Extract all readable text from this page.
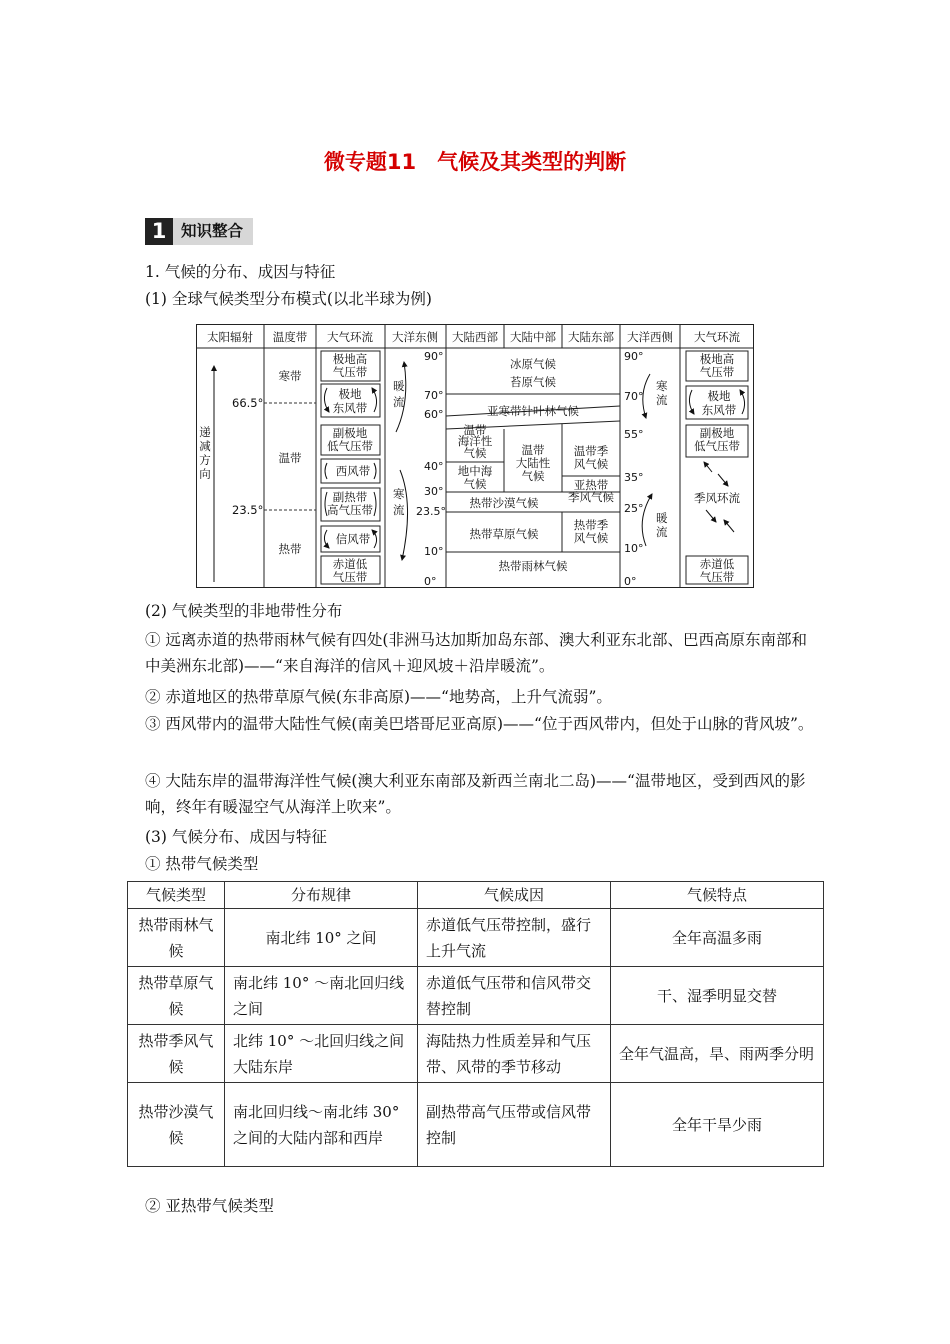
微专题11　气候及其类型的判断
1 知识整合
1. 气候的分布、成因与特征
(1) 全球气候类型分布模式(以北半球为例)
太阳辐射 温度带 大气环流 大洋东侧 大陆西部 大陆中部 大陆东部 大洋西侧 大气环流
递
减
方
向
66.5°
23.5°
寒带
温带
热带
极地高
气压带
极地
东风带
副极地
低气压带
西风带
副热带
高气压带
信风带
赤道低
气压带
90°
70°
60°
40°
30°
23.5°
10°
0°
暖
流
寒
流
冰原气候
苔原气候
亚寒带针叶林气候
温带
海洋性
气候	温带
大陆性
气候
温带季
风气候
地中海
气候	亚热带
季风气候
热带沙漠气候
热带草原气候
热带季
风气候
热带雨林气候
90°
70°
55°
35°
25°
10°
0°
寒
流
暖
流
极地高
气压带
极地
东风带
副极地
低气压带
季风环流
赤道低
气压带
(2) 气候类型的非地带性分布
① 远离赤道的热带雨林气候有四处(非洲马达加斯加岛东部、澳大利亚东北部、巴西高原东南部和中美洲东北部)——“来自海洋的信风＋迎风坡＋沿岸暖流”。
② 赤道地区的热带草原气候(东非高原)——“地势高，上升气流弱”。
③ 西风带内的温带大陆性气候(南美巴塔哥尼亚高原)——“位于西风带内，但处于山脉的背风坡”。
④ 大陆东岸的温带海洋性气候(澳大利亚东南部及新西兰南北二岛)——“温带地区，受到西风的影响，终年有暖湿空气从海洋上吹来”。
(3) 气候分布、成因与特征
① 热带气候类型
气候类型	分布规律	气候成因	气候特点
热带雨林气候	南北纬 10° 之间	赤道低气压带控制，盛行上升气流	全年高温多雨
热带草原气候	南北纬 10° ～南北回归线之间	赤道低气压带和信风带交替控制	干、湿季明显交替
热带季风气候	北纬 10° ～北回归线之间大陆东岸	海陆热力性质差异和气压带、风带的季节移动	全年气温高，旱、雨两季分明
热带沙漠气候	南北回归线～南北纬 30° 之间的大陆内部和西岸	副热带高气压带或信风带控制	全年干旱少雨
② 亚热带气候类型
